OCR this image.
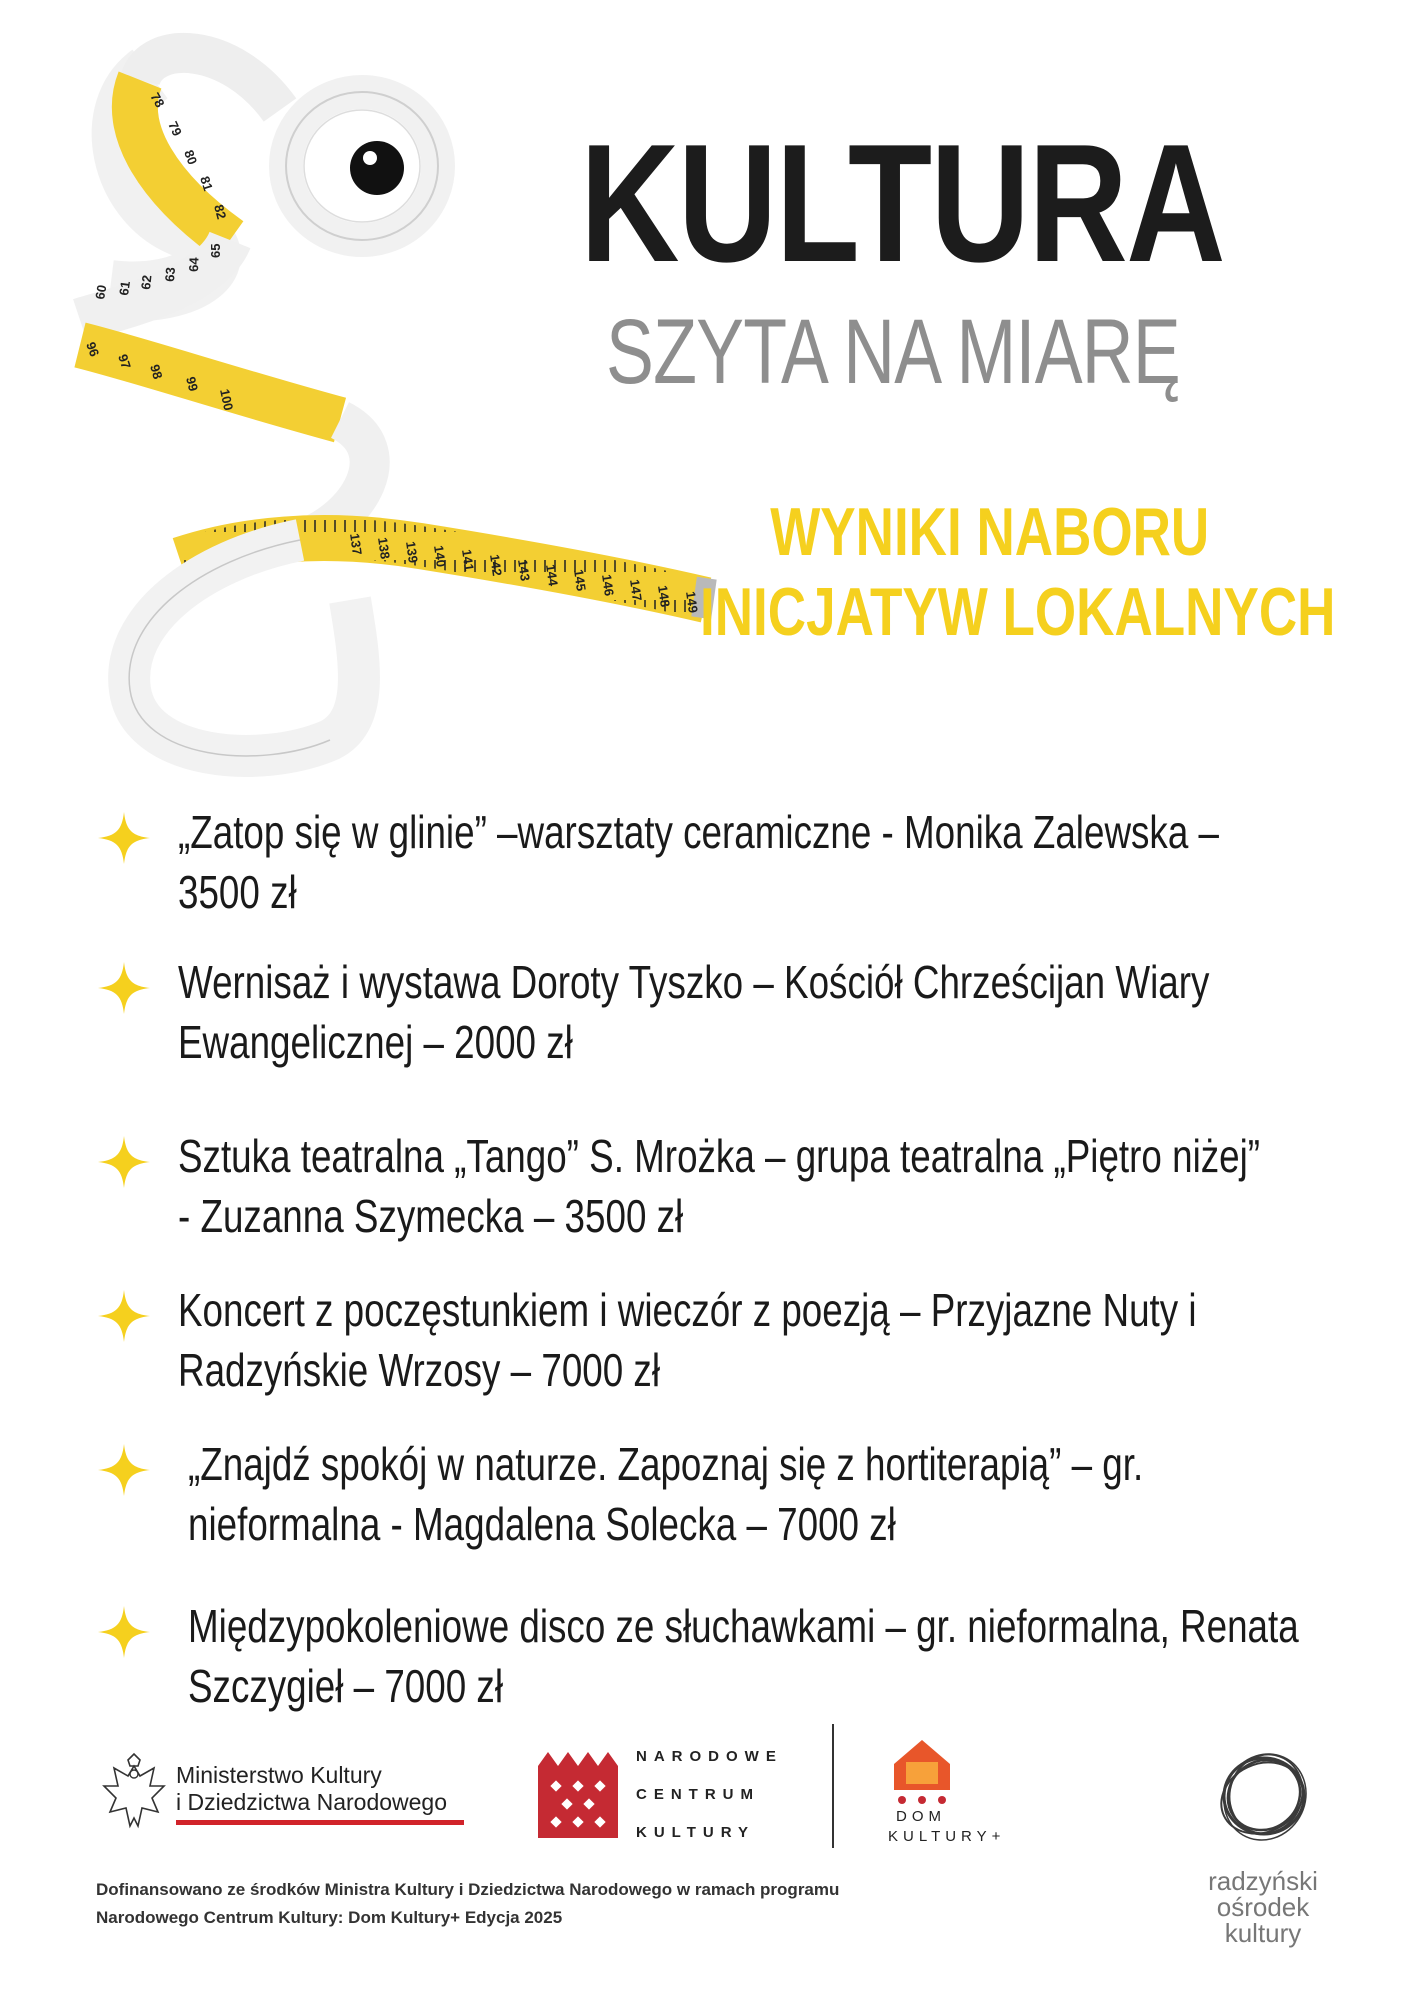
78
79
80
81
82
60 61 62 63
64
65
96
97
98
99
100
137 138 139 140 141 142 143 144 145 146 147 148 149
KULTURA
SZYTA NA MIARĘ
WYNIKI NABORU
INICJATYW LOKALNYCH
„Zatop się w glinie” –warsztaty ceramiczne - Monika Zalewska –
3500 zł
Wernisaż i wystawa Doroty Tyszko – Kościół Chrześcijan Wiary
Ewangelicznej – 2000 zł
Sztuka teatralna „Tango” S. Mrożka – grupa teatralna „Piętro niżej”
- Zuzanna Szymecka – 3500 zł
Koncert z poczęstunkiem i wieczór z poezją – Przyjazne Nuty i
Radzyńskie Wrzosy – 7000 zł
„Znajdź spokój w naturze. Zapoznaj się z hortiterapią” – gr.
nieformalna - Magdalena Solecka – 7000 zł
Międzypokoleniowe disco ze słuchawkami – gr. nieformalna, Renata
Szczygieł – 7000 zł
Ministerstwo Kultury
i Dziedzictwa Narodowego
NARODOWE
CENTRUM
KULTURY
DOM
KULTURY+
radzyński
ośrodek
kultury
Dofinansowano ze środków Ministra Kultury i Dziedzictwa Narodowego w ramach programu
Narodowego Centrum Kultury: Dom Kultury+ Edycja 2025
